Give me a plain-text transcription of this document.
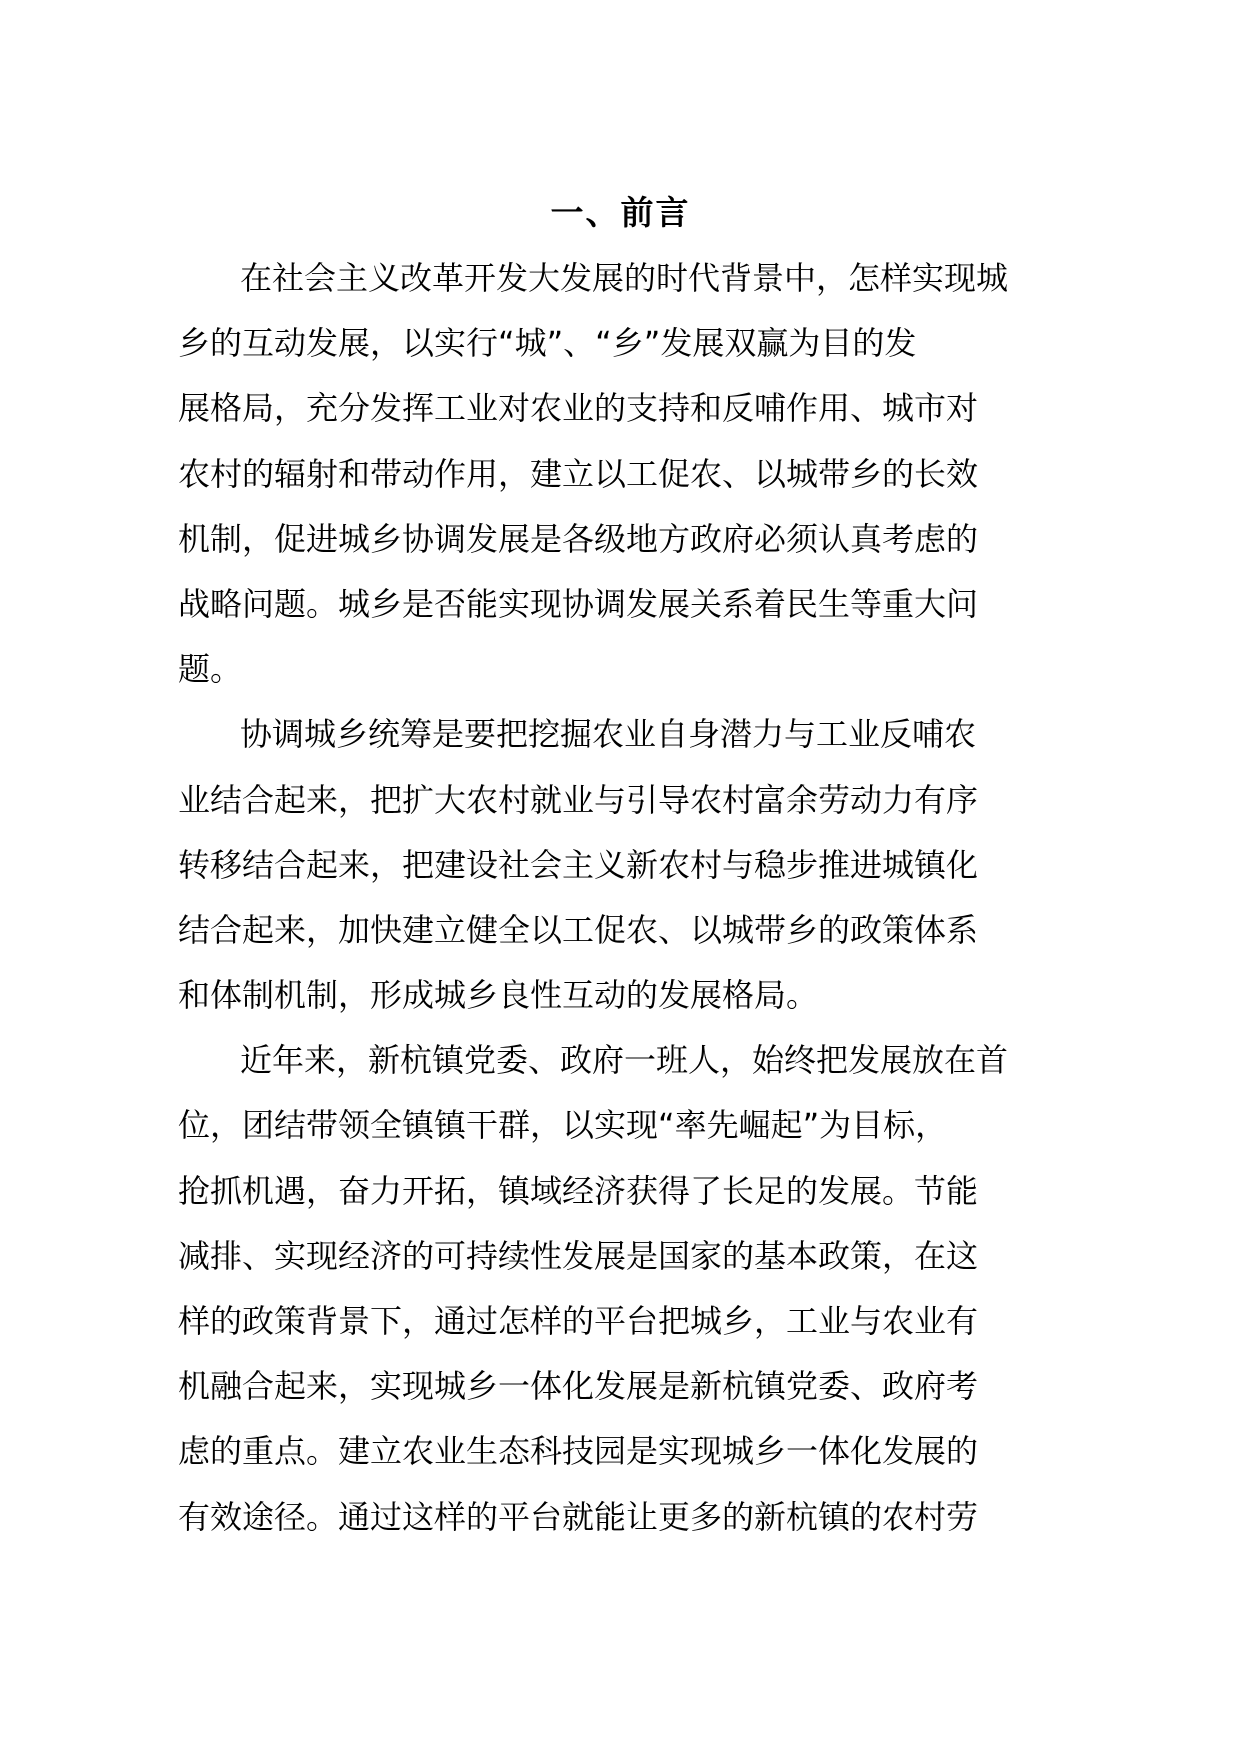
一、前言
在社会主义改革开发大发展的时代背景中，怎样实现城
乡的互动发展，以实行“城”、“乡”发展双赢为目的发
展格局，充分发挥工业对农业的支持和反哺作用、城市对
农村的辐射和带动作用，建立以工促农、以城带乡的长效
机制，促进城乡协调发展是各级地方政府必须认真考虑的
战略问题。城乡是否能实现协调发展关系着民生等重大问
题。
协调城乡统筹是要把挖掘农业自身潜力与工业反哺农
业结合起来，把扩大农村就业与引导农村富余劳动力有序
转移结合起来，把建设社会主义新农村与稳步推进城镇化
结合起来，加快建立健全以工促农、以城带乡的政策体系
和体制机制，形成城乡良性互动的发展格局。
近年来，新杭镇党委、政府一班人，始终把发展放在首
位，团结带领全镇镇干群，以实现“率先崛起”为目标，
抢抓机遇，奋力开拓，镇域经济获得了长足的发展。节能
减排、实现经济的可持续性发展是国家的基本政策，在这
样的政策背景下，通过怎样的平台把城乡，工业与农业有
机融合起来，实现城乡一体化发展是新杭镇党委、政府考
虑的重点。建立农业生态科技园是实现城乡一体化发展的
有效途径。通过这样的平台就能让更多的新杭镇的农村劳
